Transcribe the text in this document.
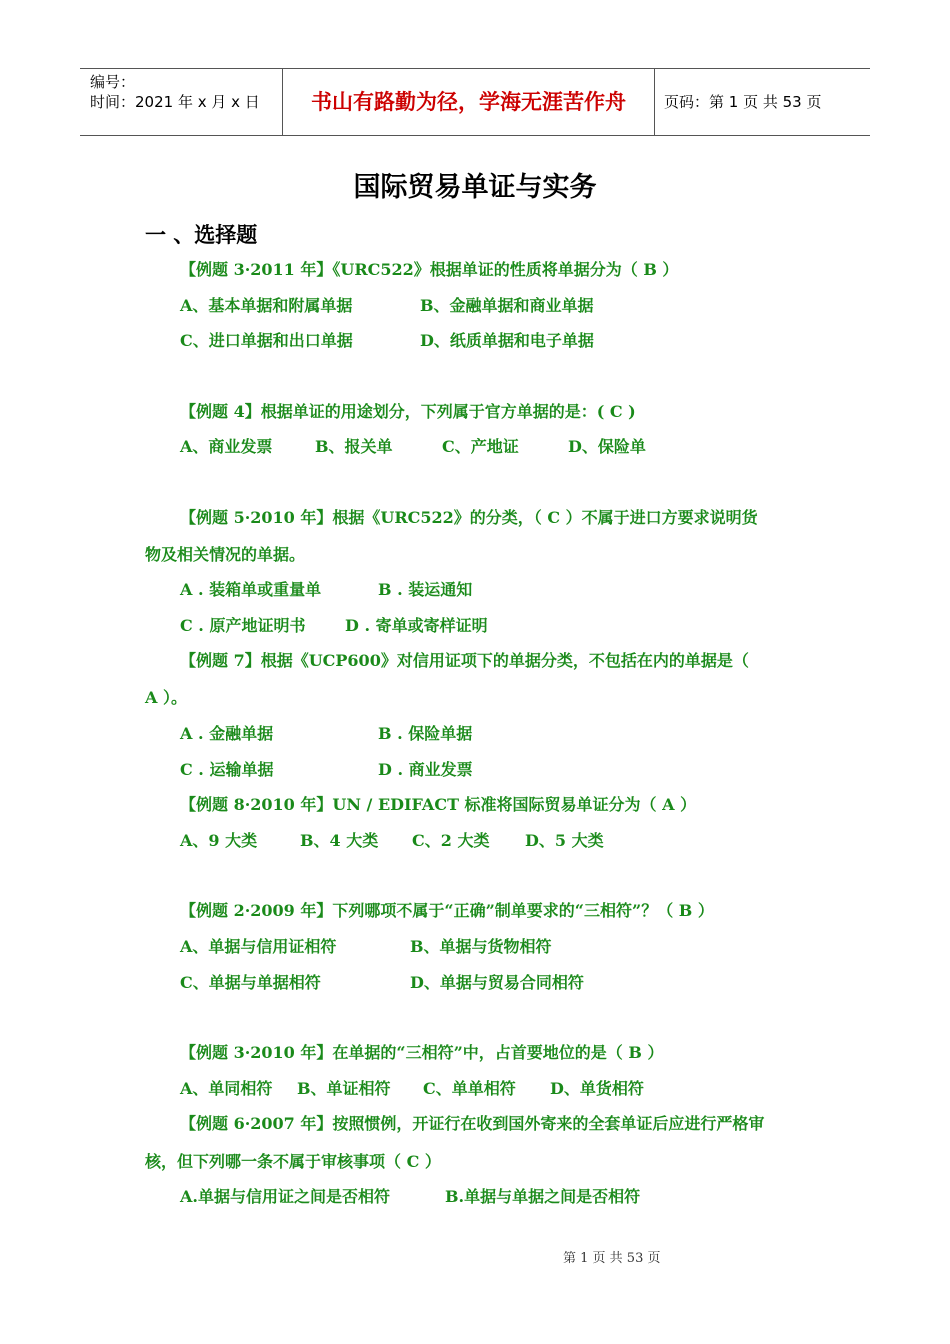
编号：
时间：2021 年 x 月 x 日	书山有路勤为径，学海无涯苦作舟	页码：第 1 页 共 53 页
国际贸易单证与实务
一 、选择题
【例题 3·2011 年】《URC522》根据单证的性质将单据分为（ B ）
A、基本单据和附属单据	B、金融单据和商业单据
C、进口单据和出口单据	D、纸质单据和电子单据
【例题 4】根据单证的用途划分，下列属于官方单据的是：( C )
A、商业发票	B、报关单	C、产地证	D、保险单
【例题 5·2010 年】根据《URC522》的分类，（ C ）不属于进口方要求说明货
物及相关情况的单据。
A . 装箱单或重量单	B . 装运通知
C . 原产地证明书 D . 寄单或寄样证明
【例题 7】根据《UCP600》对信用证项下的单据分类，不包括在内的单据是（
A ）。
A . 金融单据	B . 保险单据
C . 运输单据	D . 商业发票
【例题 8·2010 年】UN / EDIFACT 标准将国际贸易单证分为（ A ）
A、9 大类	B、4 大类 C、2 大类 D、5 大类
【例题 2·2009 年】下列哪项不属于“正确”制单要求的“三相符”？（ B ）
A、单据与信用证相符	B、单据与货物相符
C、单据与单据相符	D、单据与贸易合同相符
【例题 3·2010 年】在单据的“三相符”中，占首要地位的是（ B ）
A、单同相符 B、单证相符 C、单单相符 D、单货相符
【例题 6·2007 年】按照惯例，开证行在收到国外寄来的全套单证后应进行严格审
核，但下列哪一条不属于审核事项（ C ）
A.单据与信用证之间是否相符	B.单据与单据之间是否相符
第 1 页 共 53 页
